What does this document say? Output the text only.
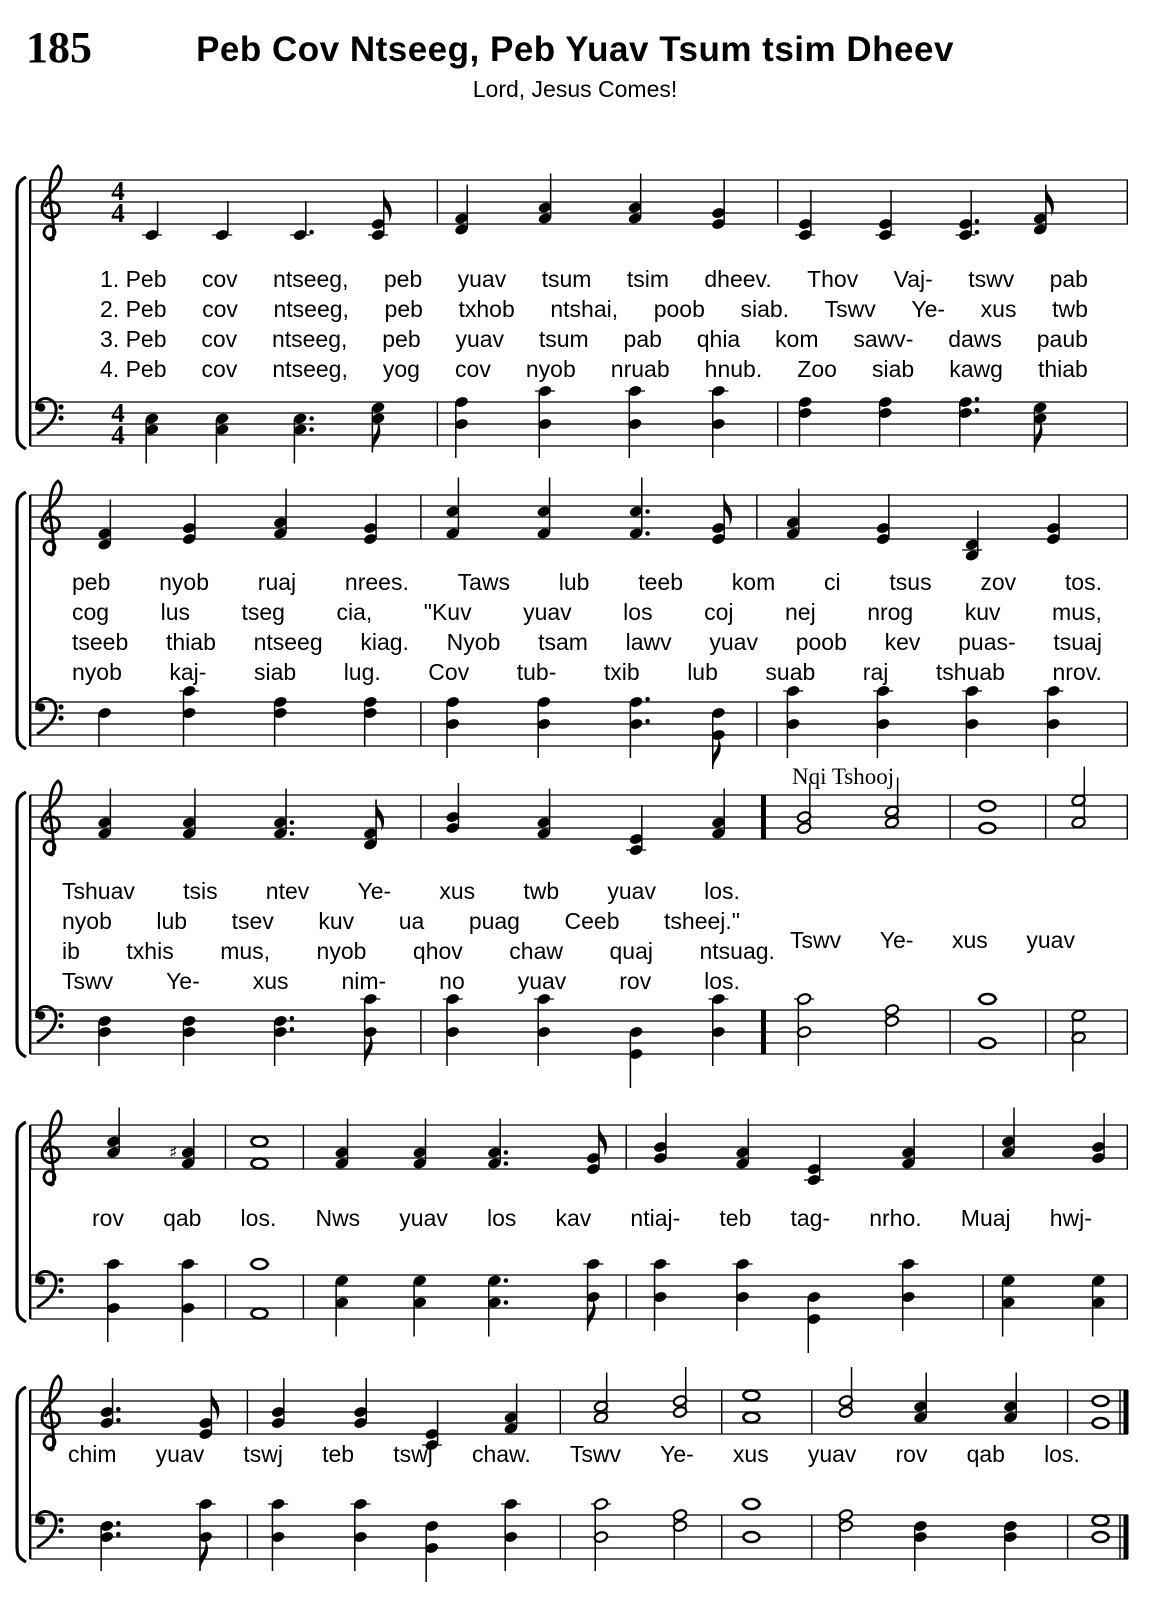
185	Peb Cov Ntseeg, Peb Yuav Tsum tsim Dheev
Lord, Jesus Comes!
4
4
4
4
1. Peb cov ntseeg, peb yuav tsum tsim dheev. Thov Vaj- tswv pab
2. Peb cov ntseeg, peb txhob ntshai, poob siab. Tswv Ye- xus twb
3. Peb cov ntseeg, peb yuav tsum pab qhia kom sawv- daws paub
4. Peb cov ntseeg, yog cov nyob nruab hnub. Zoo siab kawg thiab
peb nyob ruaj nrees. Taws lub teeb kom ci tsus zov tos.
cog lus tseg cia, "Kuv yuav los coj nej nrog kuv mus,
tseeb thiab ntseeg kiag. Nyob tsam lawv yuav poob kev puas- tsuaj
nyob kaj- siab lug. Cov tub- txib lub suab raj tshuab nrov.
Tshuav tsis ntev Ye- xus twb yuav los.
nyob lub tsev kuv ua puag Ceeb tsheej."
ib txhis mus, nyob qhov chaw quaj ntsuag.
Tswv Ye- xus nim- no yuav rov los.
Tswv Ye- xus yuav
♯
rov qab los. Nws yuav los kav ntiaj- teb tag- nrho. Muaj hwj-
chim yuav tswj teb tswj chaw. Tswv Ye- xus yuav rov qab los.
Nqi Tshooj
